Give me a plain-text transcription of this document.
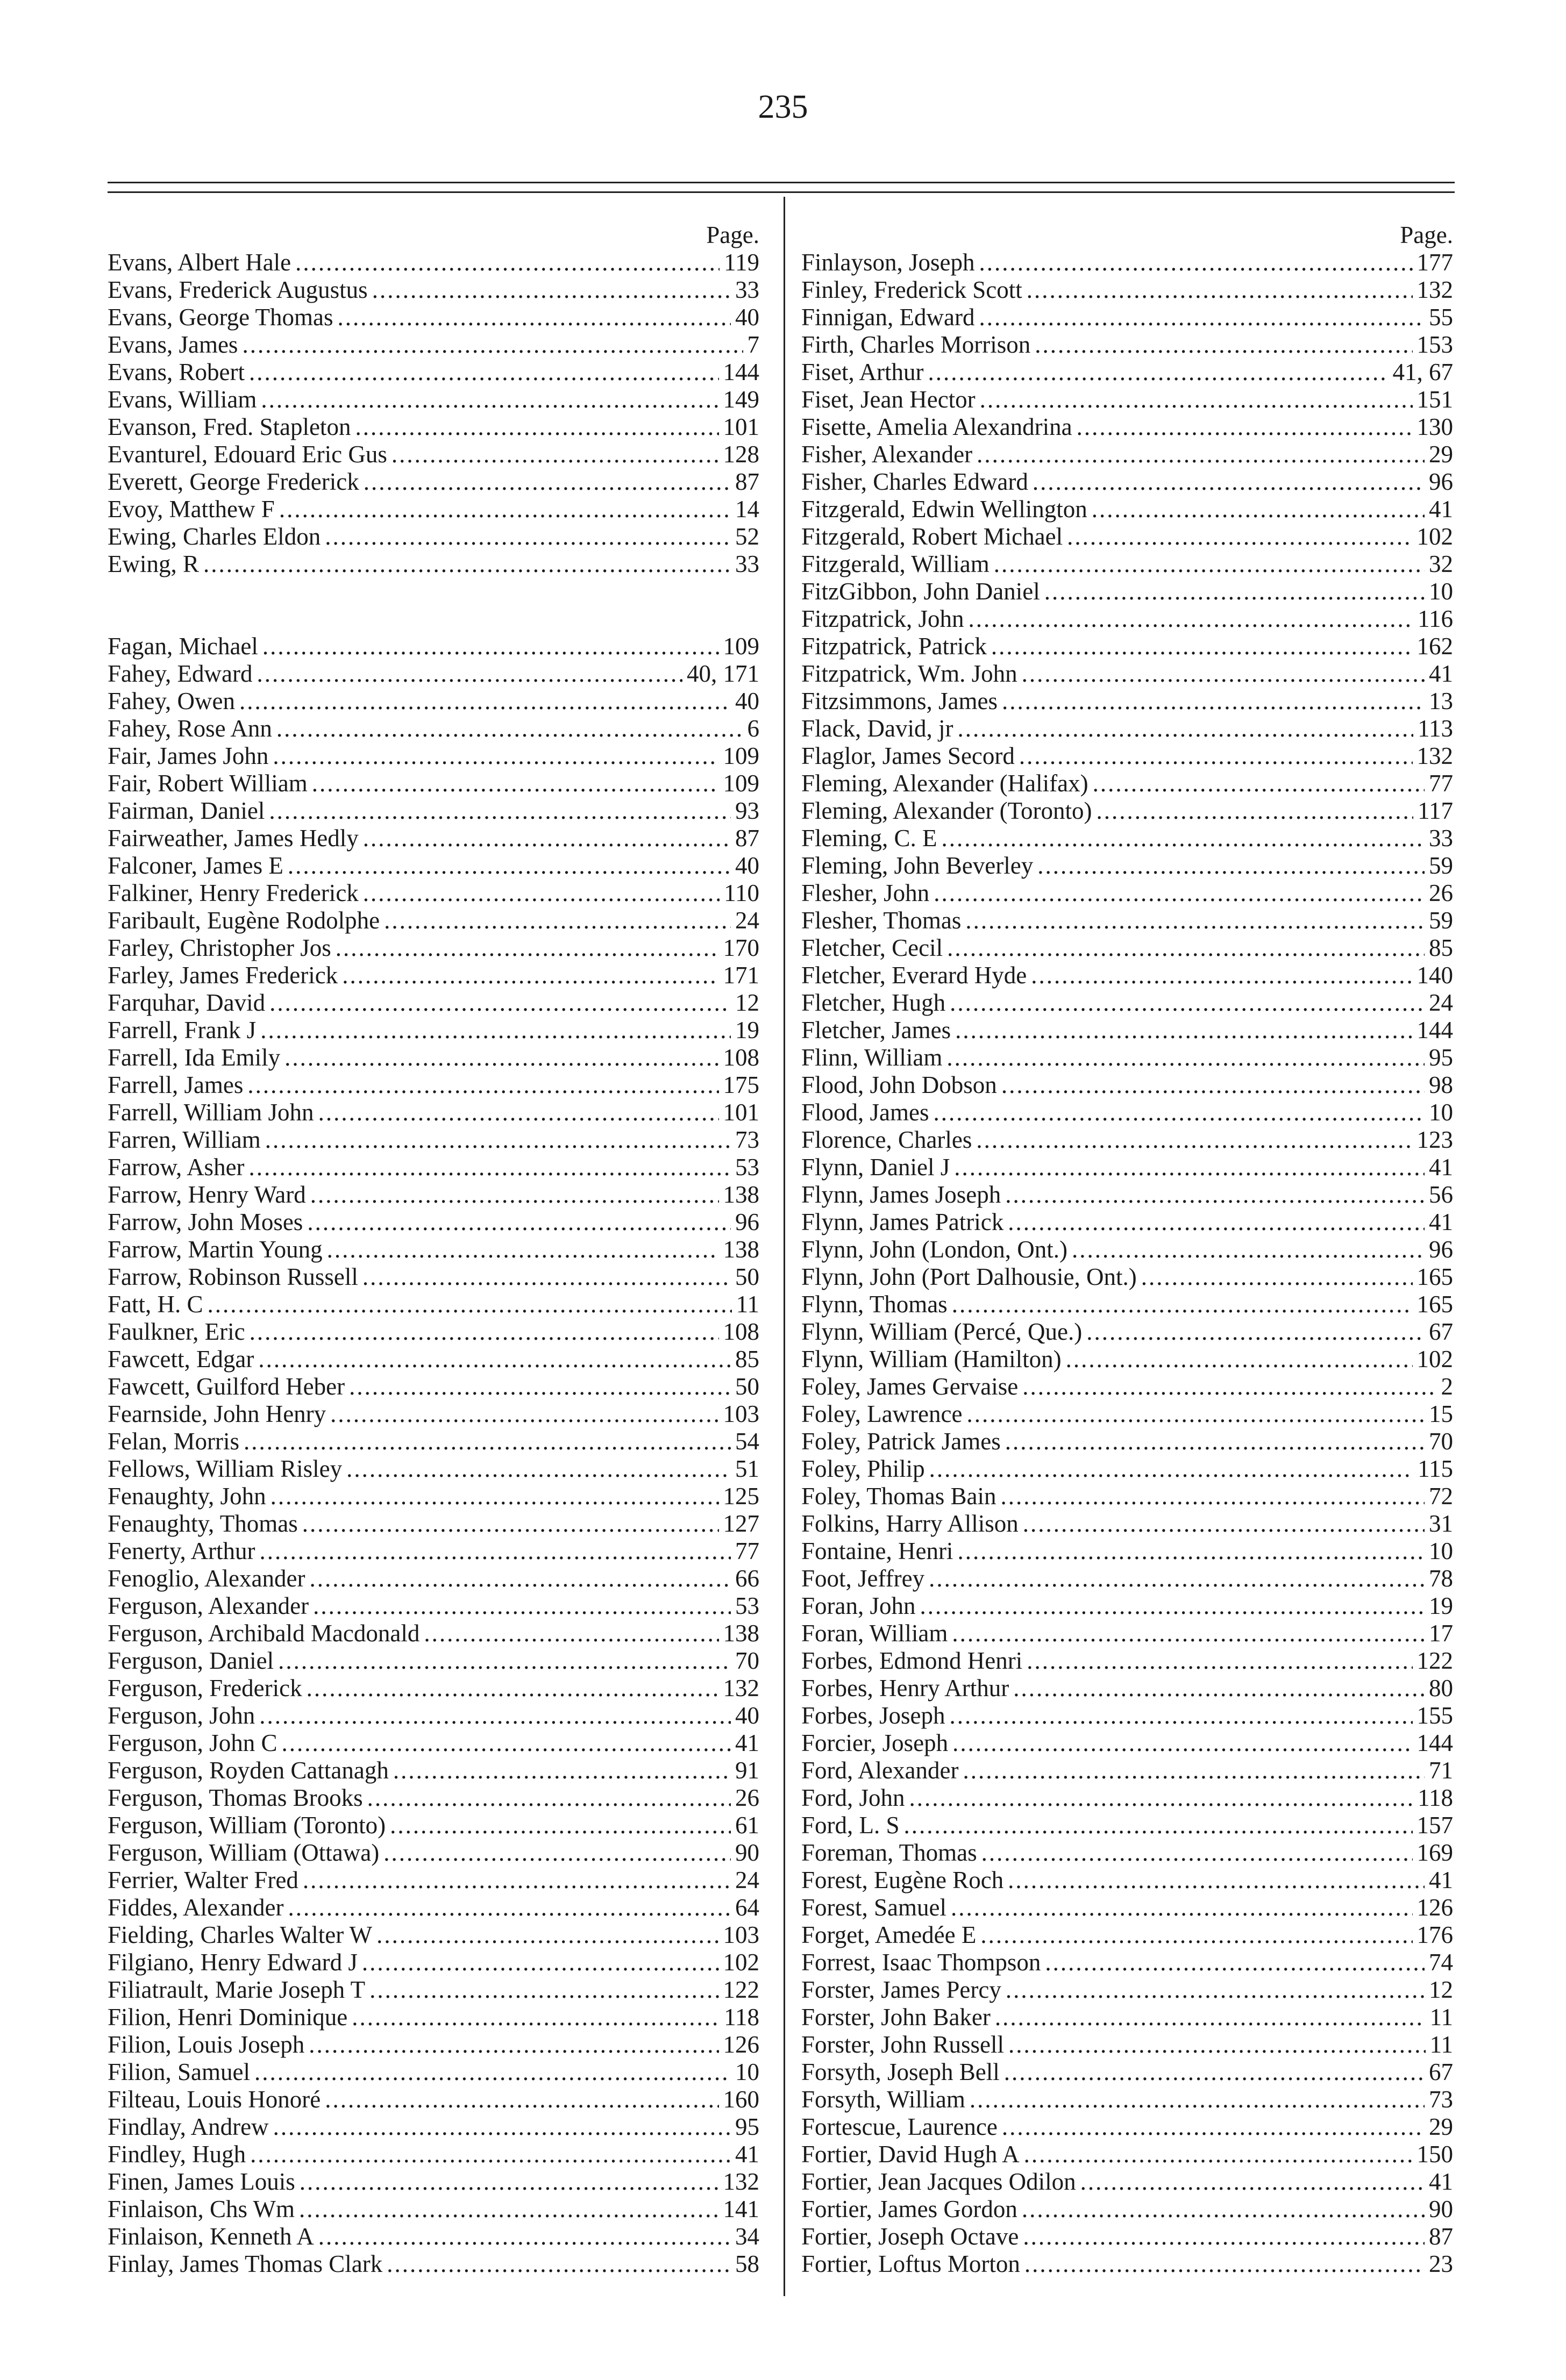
235
Page.
Evans, Albert Hale .....	119
Evans, Frederick Augustus .....	33
Evans, George Thomas .....	40
Evans, James .....	7
Evans, Robert .....	144
Evans, William .....	149
Evanson, Fred. Stapleton .....	101
Evanturel, Edouard Eric Gus .....	128
Everett, George Frederick .....	87
Evoy, Matthew F .....	14
Ewing, Charles Eldon .....	52
Ewing, R .....	33
Fagan, Michael .....	109
Fahey, Edward .....	40, 171
Fahey, Owen .....	40
Fahey, Rose Ann .....	6
Fair, James John .....	109
Fair, Robert William .....	109
Fairman, Daniel .....	93
Fairweather, James Hedly .....	87
Falconer, James E .....	40
Falkiner, Henry Frederick .....	110
Faribault, Eugène Rodolphe .....	24
Farley, Christopher Jos .....	170
Farley, James Frederick .....	171
Farquhar, David .....	12
Farrell, Frank J .....	19
Farrell, Ida Emily .....	108
Farrell, James .....	175
Farrell, William John .....	101
Farren, William .....	73
Farrow, Asher .....	53
Farrow, Henry Ward .....	138
Farrow, John Moses .....	96
Farrow, Martin Young .....	138
Farrow, Robinson Russell .....	50
Fatt, H. C .....	11
Faulkner, Eric .....	108
Fawcett, Edgar .....	85
Fawcett, Guilford Heber .....	50
Fearnside, John Henry .....	103
Felan, Morris .....	54
Fellows, William Risley .....	51
Fenaughty, John .....	125
Fenaughty, Thomas .....	127
Fenerty, Arthur .....	77
Fenoglio, Alexander .....	66
Ferguson, Alexander .....	53
Ferguson, Archibald Macdonald .....	138
Ferguson, Daniel .....	70
Ferguson, Frederick .....	132
Ferguson, John .....	40
Ferguson, John C .....	41
Ferguson, Royden Cattanagh .....	91
Ferguson, Thomas Brooks .....	26
Ferguson, William (Toronto) .....	61
Ferguson, William (Ottawa) .....	90
Ferrier, Walter Fred .....	24
Fiddes, Alexander .....	64
Fielding, Charles Walter W .....	103
Filgiano, Henry Edward J .....	102
Filiatrault, Marie Joseph T .....	122
Filion, Henri Dominique .....	118
Filion, Louis Joseph .....	126
Filion, Samuel .....	10
Filteau, Louis Honoré .....	160
Findlay, Andrew .....	95
Findley, Hugh .....	41
Finen, James Louis .....	132
Finlaison, Chs Wm .....	141
Finlaison, Kenneth A .....	34
Finlay, James Thomas Clark .....	58
Page.
Finlayson, Joseph .....	177
Finley, Frederick Scott .....	132
Finnigan, Edward .....	55
Firth, Charles Morrison .....	153
Fiset, Arthur .....	41, 67
Fiset, Jean Hector .....	151
Fisette, Amelia Alexandrina .....	130
Fisher, Alexander .....	29
Fisher, Charles Edward .....	96
Fitzgerald, Edwin Wellington .....	41
Fitzgerald, Robert Michael .....	102
Fitzgerald, William .....	32
FitzGibbon, John Daniel .....	10
Fitzpatrick, John .....	116
Fitzpatrick, Patrick .....	162
Fitzpatrick, Wm. John .....	41
Fitzsimmons, James .....	13
Flack, David, jr .....	113
Flaglor, James Secord .....	132
Fleming, Alexander (Halifax) .....	77
Fleming, Alexander (Toronto) .....	117
Fleming, C. E .....	33
Fleming, John Beverley .....	59
Flesher, John .....	26
Flesher, Thomas .....	59
Fletcher, Cecil .....	85
Fletcher, Everard Hyde .....	140
Fletcher, Hugh .....	24
Fletcher, James .....	144
Flinn, William .....	95
Flood, John Dobson .....	98
Flood, James .....	10
Florence, Charles .....	123
Flynn, Daniel J .....	41
Flynn, James Joseph .....	56
Flynn, James Patrick .....	41
Flynn, John (London, Ont.) .....	96
Flynn, John (Port Dalhousie, Ont.) .....	165
Flynn, Thomas .....	165
Flynn, William (Percé, Que.) .....	67
Flynn, William (Hamilton) .....	102
Foley, James Gervaise .....	2
Foley, Lawrence .....	15
Foley, Patrick James .....	70
Foley, Philip .....	115
Foley, Thomas Bain .....	72
Folkins, Harry Allison .....	31
Fontaine, Henri .....	10
Foot, Jeffrey .....	78
Foran, John .....	19
Foran, William .....	17
Forbes, Edmond Henri .....	122
Forbes, Henry Arthur .....	80
Forbes, Joseph .....	155
Forcier, Joseph .....	144
Ford, Alexander .....	71
Ford, John .....	118
Ford, L. S .....	157
Foreman, Thomas .....	169
Forest, Eugène Roch .....	41
Forest, Samuel .....	126
Forget, Amedée E .....	176
Forrest, Isaac Thompson .....	74
Forster, James Percy .....	12
Forster, John Baker .....	11
Forster, John Russell .....	11
Forsyth, Joseph Bell .....	67
Forsyth, William .....	73
Fortescue, Laurence .....	29
Fortier, David Hugh A .....	150
Fortier, Jean Jacques Odilon .....	41
Fortier, James Gordon .....	90
Fortier, Joseph Octave .....	87
Fortier, Loftus Morton .....	23
